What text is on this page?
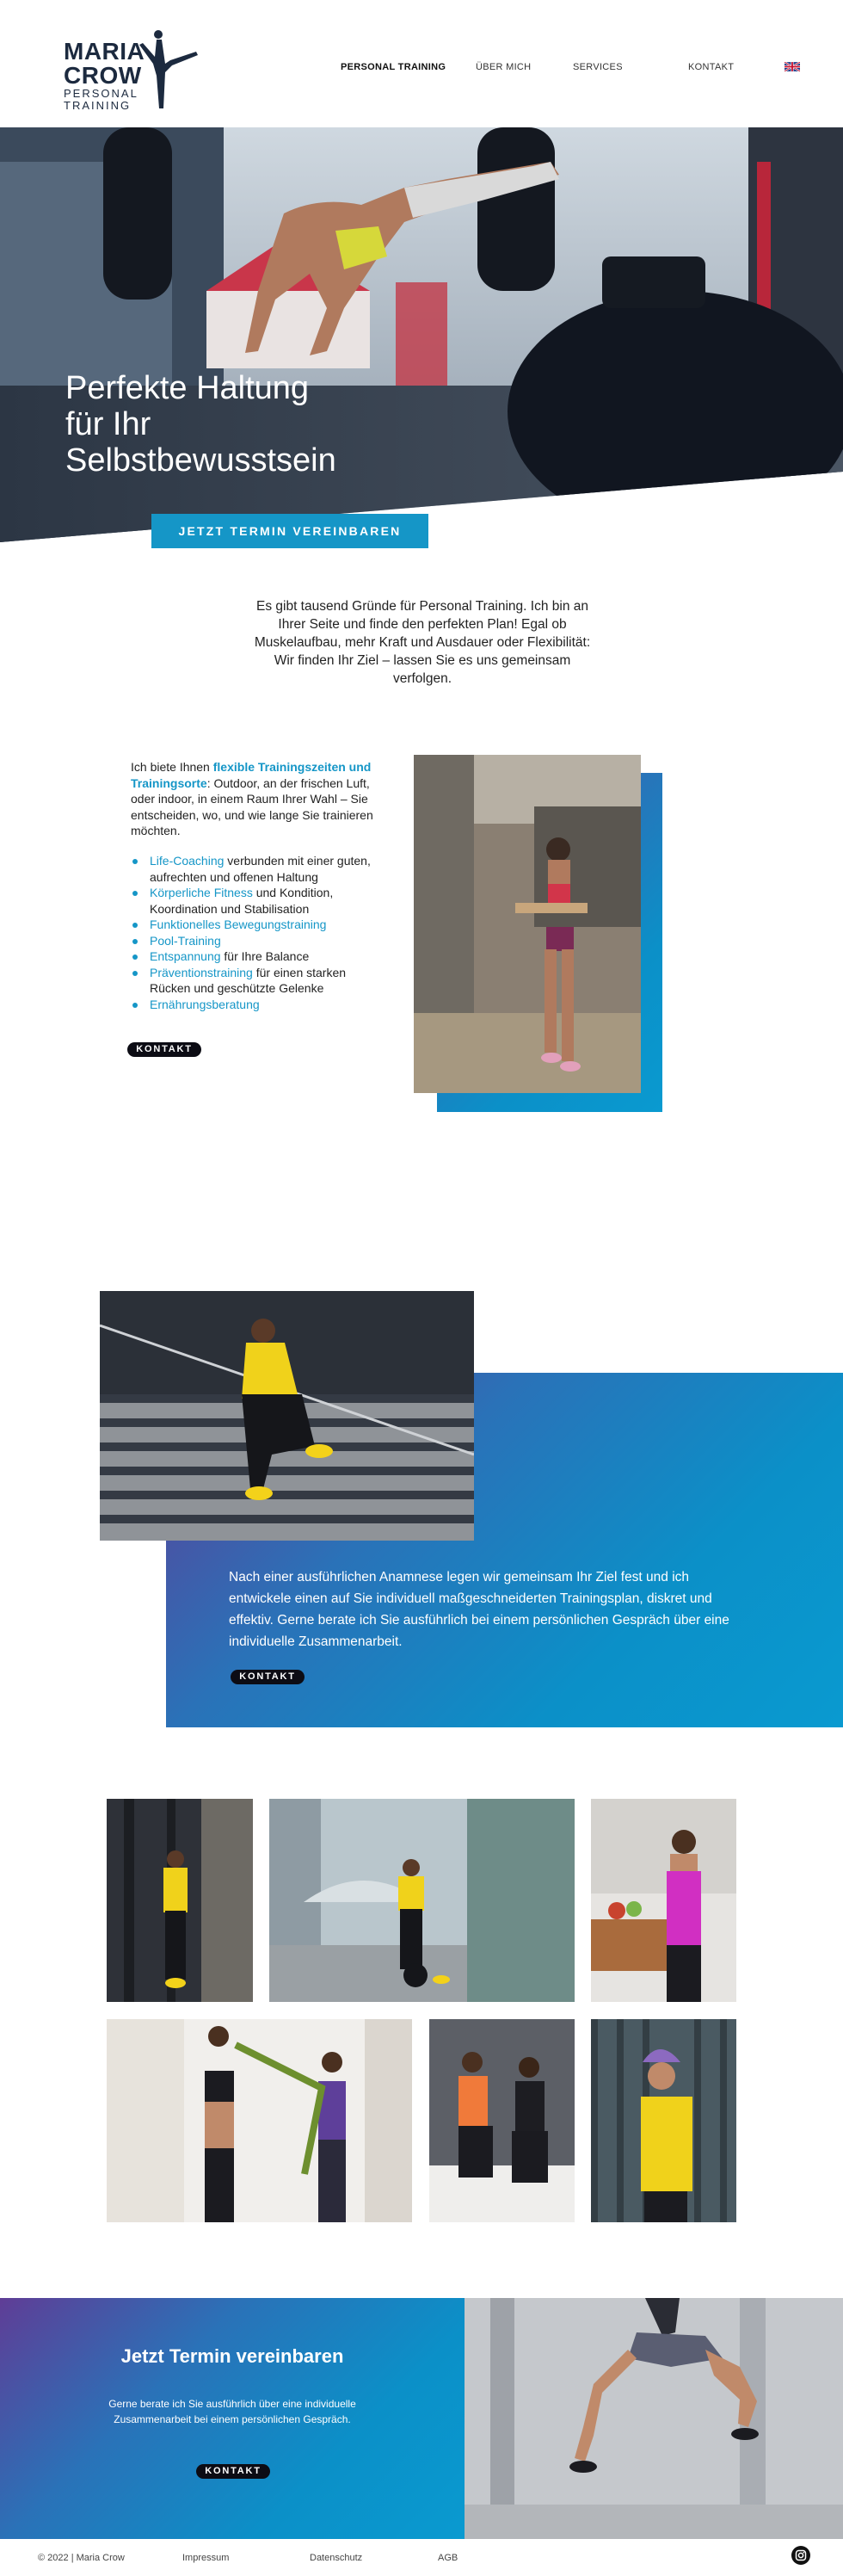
MARIA
CROW
PERSONAL
TRAINING
PERSONAL TRAINING	ÜBER MICH	SERVICES	KONTAKT
Perfekte Haltung
für Ihr
Selbstbewusstsein
JETZT TERMIN VEREINBAREN

Es gibt tausend Gründe für Personal Training. Ich bin an Ihrer Seite und finde den perfekten Plan! Egal ob Muskelaufbau, mehr Kraft und Ausdauer oder Flexibilität: Wir finden Ihr Ziel – lassen Sie es uns gemeinsam verfolgen.

Ich biete Ihnen flexible Trainingszeiten und Trainingsorte: Outdoor, an der frischen Luft, oder indoor, in einem Raum Ihrer Wahl – Sie entscheiden, wo, und wie lange Sie trainieren möchten.
Life-Coaching verbunden mit einer guten, aufrechten und offenen Haltung
Körperliche Fitness und Kondition, Koordination und Stabilisation
Funktionelles Bewegungstraining
Pool-Training
Entspannung für Ihre Balance
Präventionstraining für einen starken Rücken und geschützte Gelenke
Ernährungsberatung
KONTAKT

Nach einer ausführlichen Anamnese legen wir gemeinsam Ihr Ziel fest und ich entwickele einen auf Sie individuell maßgeschneiderten Trainingsplan, diskret und effektiv. Gerne berate ich Sie ausführlich bei einem persönlichen Gespräch über eine individuelle Zusammenarbeit.

KONTAKT
Jetzt Termin vereinbaren

Gerne berate ich Sie ausführlich über eine individuelle Zusammenarbeit bei einem persönlichen Gespräch.

KONTAKT
© 2022 | Maria Crow	Impressum	Datenschutz	AGB
